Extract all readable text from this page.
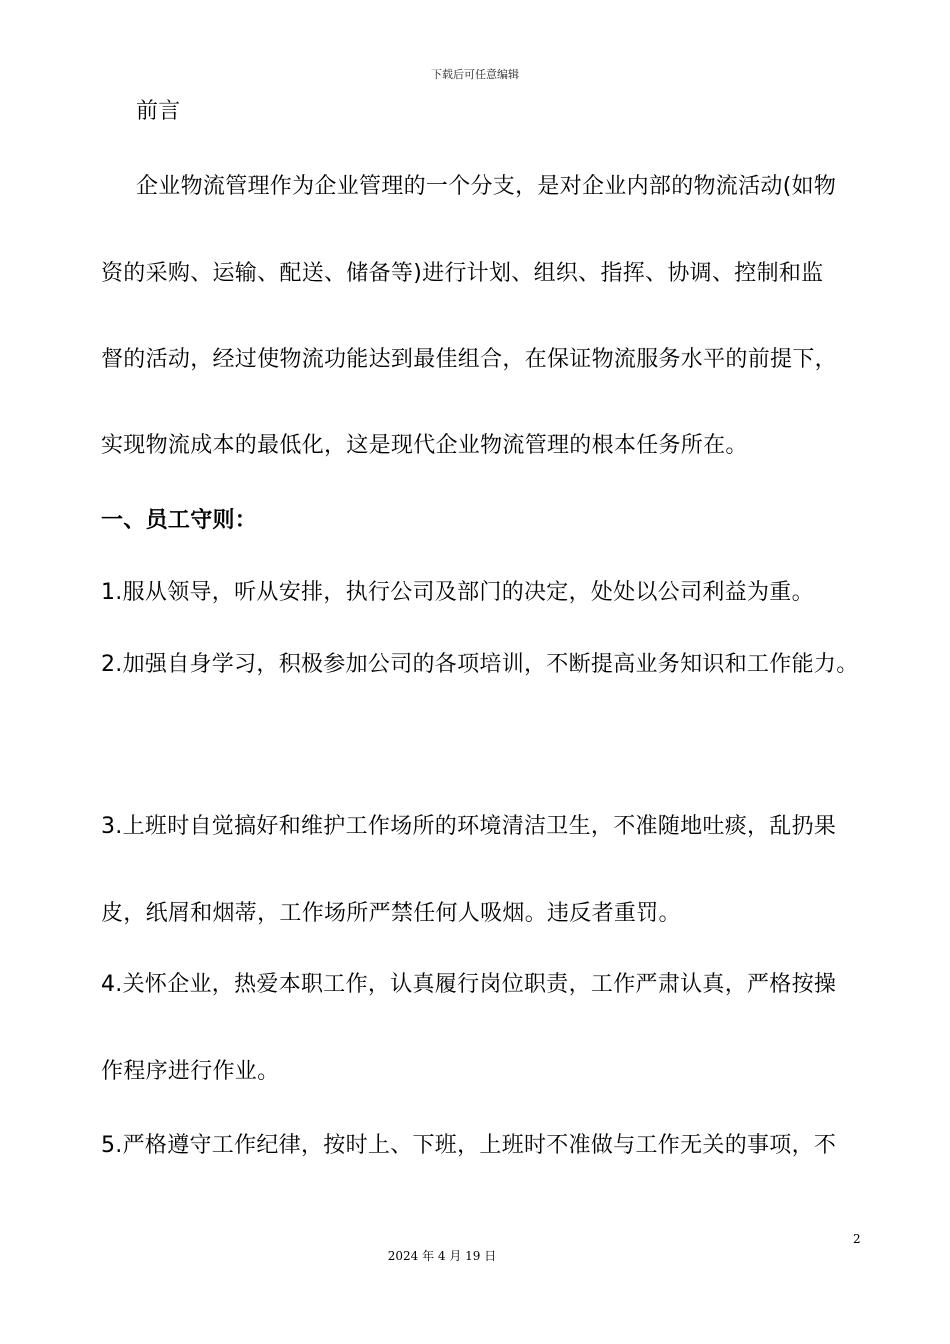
下载后可任意编辑
前言
企业物流管理作为企业管理的一个分支，是对企业内部的物流活动(如物
资的采购、运输、配送、储备等)进行计划、组织、指挥、协调、控制和监
督的活动，经过使物流功能达到最佳组合，在保证物流服务水平的前提下，
实现物流成本的最低化，这是现代企业物流管理的根本任务所在。
一、员工守则：
1.服从领导，听从安排，执行公司及部门的决定，处处以公司利益为重。
2.加强自身学习，积极参加公司的各项培训，不断提高业务知识和工作能力。
3.上班时自觉搞好和维护工作场所的环境清洁卫生，不准随地吐痰，乱扔果
皮，纸屑和烟蒂，工作场所严禁任何人吸烟。违反者重罚。
4.关怀企业，热爱本职工作，认真履行岗位职责，工作严肃认真，严格按操
作程序进行作业。
5.严格遵守工作纪律，按时上、下班，上班时不准做与工作无关的事项，不
2
2024 年 4 月 19 日
